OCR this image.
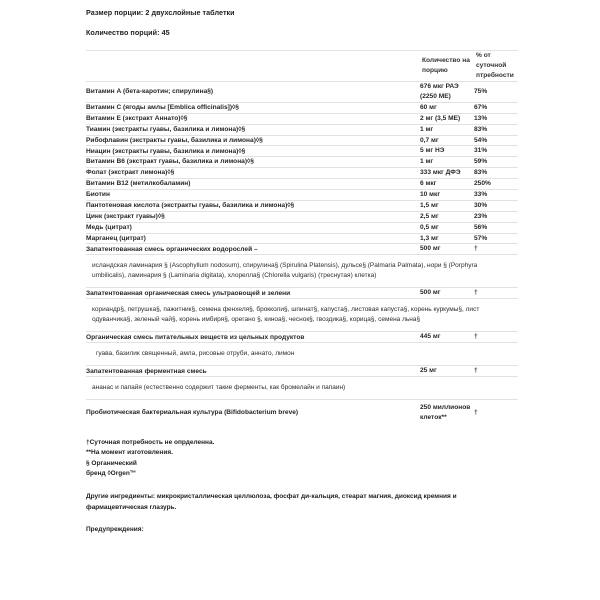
Размер порции: 2 двухслойные таблетки

Количество порций: 45

	Количество на порцию	% от суточной птребности
Витамин А (бета-каротин; спирулина§)	676 мкг РАЭ (2250 МЕ)	75%
Витамин С (ягоды амлы [Emblica officinalis])◊§	60 мг	67%
Витамин Е (экстракт Аннато)◊§	2 мг (3,5 МЕ)	13%
Тиамин (экстракты гуавы, базилика и лимона)◊§	1 мг	83%
Рибофлавин (экстракты гуавы, базилика и лимона)◊§	0,7 мг	54%
Ниацин (экстракты гуавы, базилика и лимона)◊§	5 мг НЭ	31%
Витамин В6 (экстракт гуавы, базилика и лимона)◊§	1 мг	59%
Фолат (экстракт лимона)◊§	333 мкг ДФЭ	83%
Витамин B12 (метилкобаламин)	6 мкг	250%
Биотин	10 мкг	33%
Пантотеновая кислота (экстракты гуавы, базилика и лимона)◊§	1,5 мг	30%
Цинк (экстракт гуавы)◊§	2,5 мг	23%
Медь (цитрат)	0,5 мг	56%
Марганец (цитрат)	1,3 мг	57%
Запатентованная смесь органических водорослей –	500 мг	†
исландская ламинария § (Ascophyllum nodosum), спирулина§ (Spirulina Platensis), дульсе§ (Palmaria Palmata), нори § (Porphyra umbilicalis), ламинария § (Laminaria digitata), хлорелла§ (Chlorella vulgaris) (треснутая) клетка)		
Запатентованная органическая смесь ультраовощей и зелени	500 мг	†
кориандр§, петрушка§, пажитник§, семена фенхеля§, брокколи§, шпинат§, капуста§, листовая капуста§, корень куркумы§, лист одуванчика§, зеленый чай§, корень имбиря§, орегано §, киноа§, чеснок§, гвоздика§, корица§, семена льна§		
Органическая смесь питательных веществ из цельных продуктов	445 мг	†
гуава, базилик священный, амла, рисовые отруби, аннато, лимон		
Запатентованная ферментная смесь	25 мг	†
ананас и папайя (естественно содержит такие ферменты, как бромелайн и папаин)		
Пробиотическая бактериальная культура (Bifidobacterium breve)	250 миллионов клеток**	†
†Суточная потребность не опрделенна.
**На момент изготовления.
§ Органический
бренд ◊Orgen™
Другие ингредиенты: микрокристаллическая целлюлоза, фосфат ди-кальция, стеарат магния, диоксид кремния и фармацевтическая глазурь.
Предупреждения:
